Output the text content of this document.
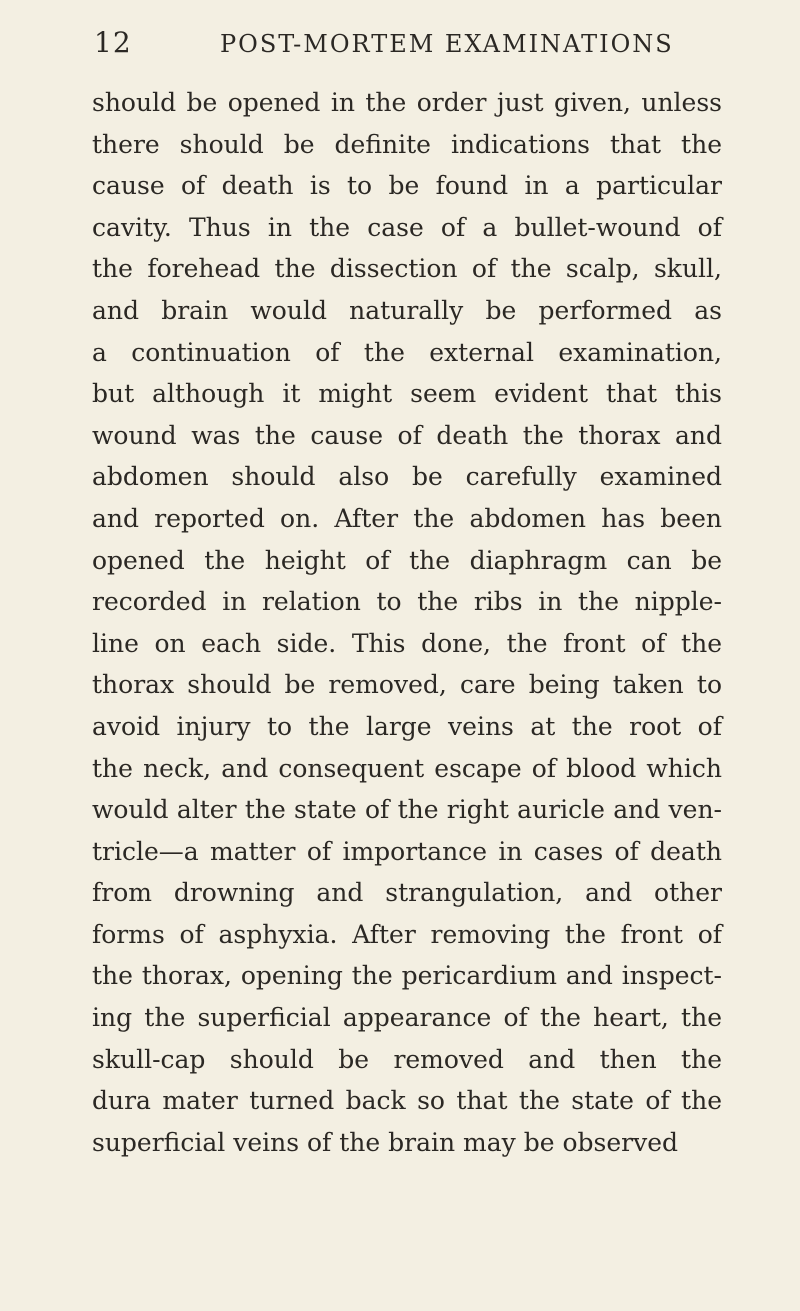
12	POST-MORTEM EXAMINATIONS
should be opened in the order just given, unless
there should be definite indications that the
cause of death is to be found in a particular
cavity. Thus in the case of a bullet-wound of
the forehead the dissection of the scalp, skull,
and brain would naturally be performed as
a continuation of the external examination,
but although it might seem evident that this
wound was the cause of death the thorax and
abdomen should also be carefully examined
and reported on. After the abdomen has been
opened the height of the diaphragm can be
recorded in relation to the ribs in the nipple-
line on each side. This done, the front of the
thorax should be removed, care being taken to
avoid injury to the large veins at the root of
the neck, and consequent escape of blood which
would alter the state of the right auricle and ven-
tricle—a matter of importance in cases of death
from drowning and strangulation, and other
forms of asphyxia. After removing the front of
the thorax, opening the pericardium and inspect-
ing the superficial appearance of the heart, the
skull-cap should be removed and then the
dura mater turned back so that the state of the
superficial veins of the brain may be observed
